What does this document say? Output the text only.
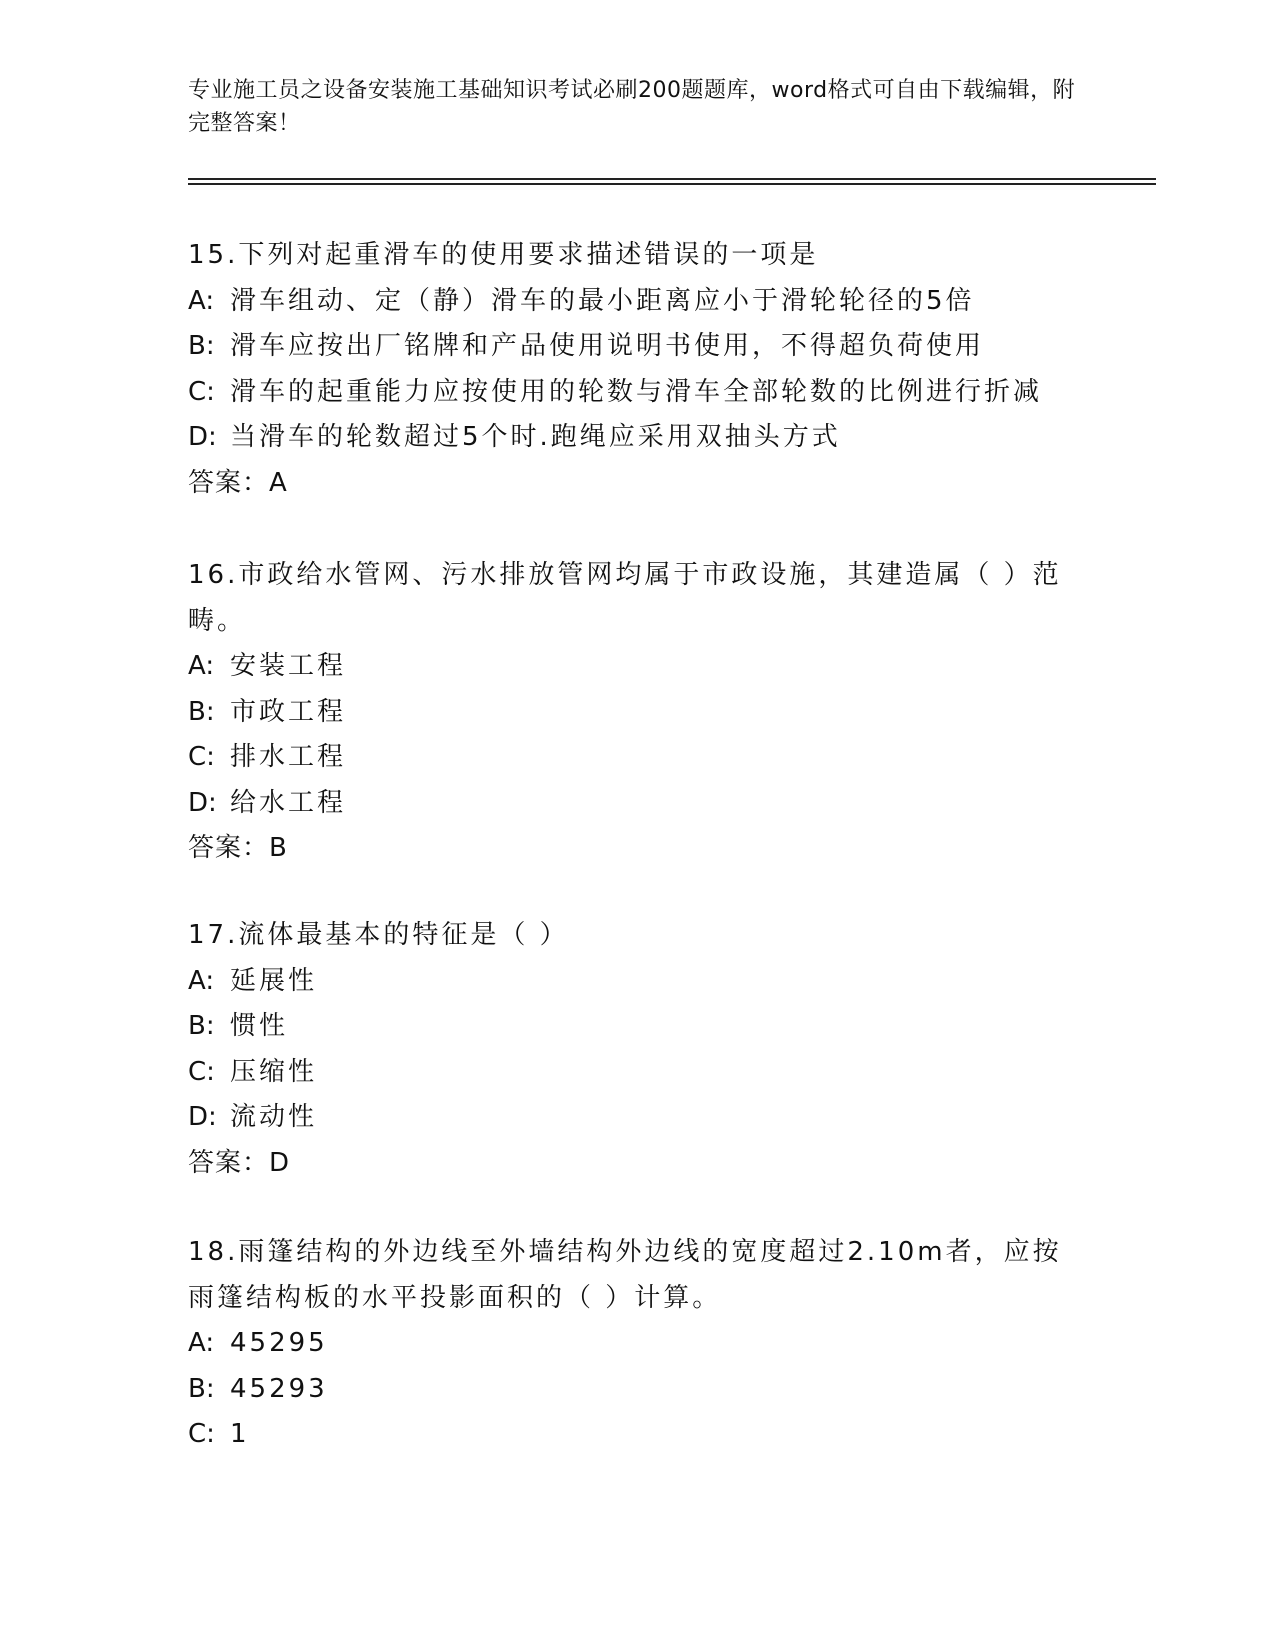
专业施工员之设备安装施工基础知识考试必刷200题题库，word格式可自由下载编辑，附完整答案！
15.下列对起重滑车的使用要求描述错误的一项是
A: 滑车组动、定（静）滑车的最小距离应小于滑轮轮径的5倍
B: 滑车应按出厂铭牌和产品使用说明书使用，不得超负荷使用
C: 滑车的起重能力应按使用的轮数与滑车全部轮数的比例进行折减
D: 当滑车的轮数超过5个时.跑绳应采用双抽头方式
答案：A
16.市政给水管网、污水排放管网均属于市政设施，其建造属（ ）范畴。
A: 安装工程
B: 市政工程
C: 排水工程
D: 给水工程
答案：B
17.流体最基本的特征是（ ）
A: 延展性
B: 惯性
C: 压缩性
D: 流动性
答案：D
18.雨篷结构的外边线至外墙结构外边线的宽度超过2.10m者，应按雨篷结构板的水平投影面积的（ ）计算。
A: 45295
B: 45293
C: 1
